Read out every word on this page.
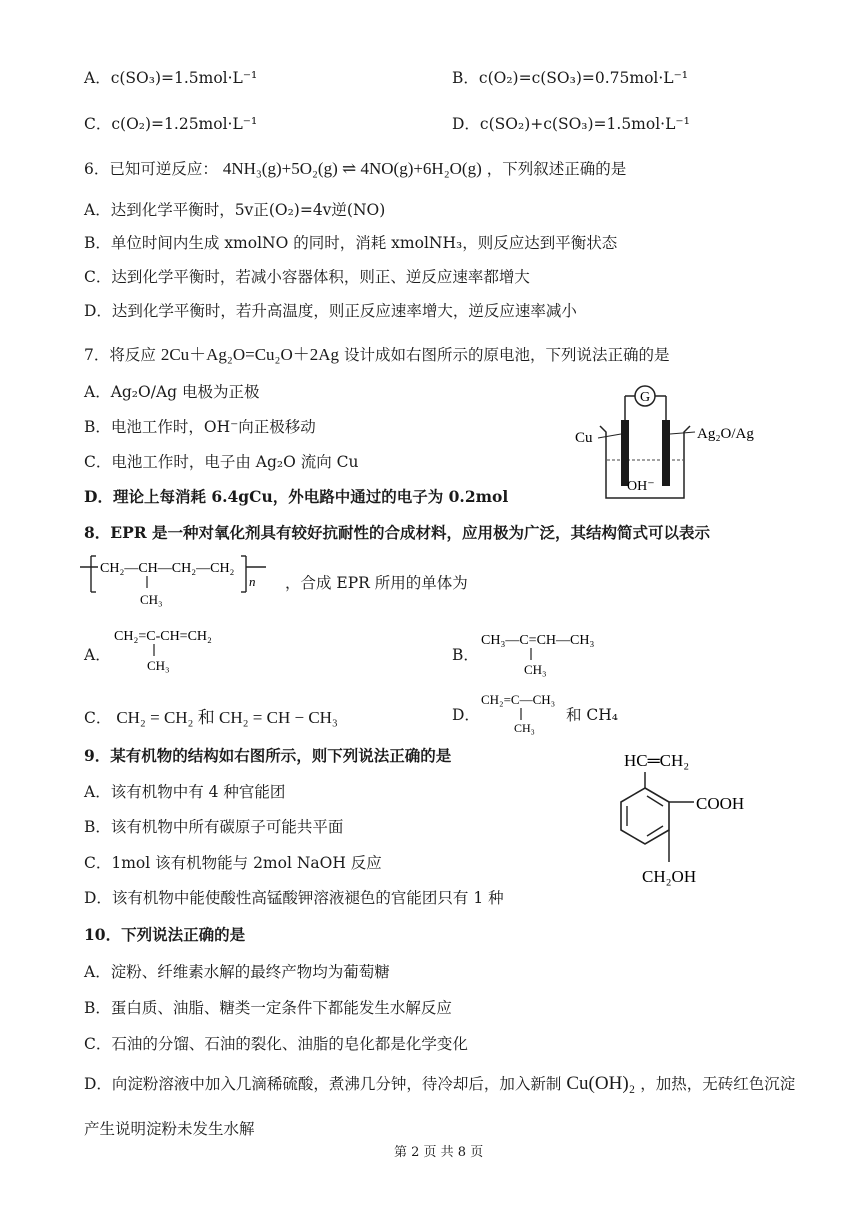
A．c(SO₃)=1.5mol·L⁻¹	B．c(O₂)=c(SO₃)=0.75mol·L⁻¹
C．c(O₂)=1.25mol·L⁻¹	D．c(SO₂)+c(SO₃)=1.5mol·L⁻¹
6．已知可逆反应： 4NH₃(g)+5O₂(g) ⇌ 4NO(g)+6H₂O(g) ，下列叙述正确的是
A．达到化学平衡时，5v正(O₂)=4v逆(NO)
B．单位时间内生成 xmolNO 的同时，消耗 xmolNH₃，则反应达到平衡状态
C．达到化学平衡时，若减小容器体积，则正、逆反应速率都增大
D．达到化学平衡时，若升高温度，则正反应速率增大，逆反应速率减小
7．将反应 2Cu＋Ag₂O=Cu₂O＋2Ag 设计成如右图所示的原电池，下列说法正确的是
A．Ag₂O/Ag 电极为正极
B．电池工作时，OH⁻向正极移动
C．电池工作时，电子由 Ag₂O 流向 Cu
D．理论上每消耗 6.4gCu，外电路中通过的电子为 0.2mol
G
Cu	Ag₂O/Ag
OH⁻
8．EPR 是一种对氧化剂具有较好抗耐性的合成材料，应用极为广泛，其结构简式可以表示
CH₂—CH—CH₂—CH₂
n
CH₃
，合成 EPR 所用的单体为
A．
CH₂=C-CH=CH₂
CH₃
B．
CH₃—C=CH—CH₃
CH₃
C． CH₂ = CH₂ 和 CH₂ = CH − CH₃	D．
CH₂=C—CH₃
CH₃
和 CH₄
9．某有机物的结构如右图所示，则下列说法正确的是
A．该有机物中有 4 种官能团
B．该有机物中所有碳原子可能共平面
C．1mol 该有机物能与 2mol NaOH 反应
D．该有机物中能使酸性高锰酸钾溶液褪色的官能团只有 1 种
HC═CH₂
COOH
CH₂OH
10．下列说法正确的是
A．淀粉、纤维素水解的最终产物均为葡萄糖
B．蛋白质、油脂、糖类一定条件下都能发生水解反应
C．石油的分馏、石油的裂化、油脂的皂化都是化学变化
D．向淀粉溶液中加入几滴稀硫酸，煮沸几分钟，待冷却后，加入新制 Cu(OH)₂ ，加热，无砖红色沉淀
产生说明淀粉未发生水解
第 2 页 共 8 页
